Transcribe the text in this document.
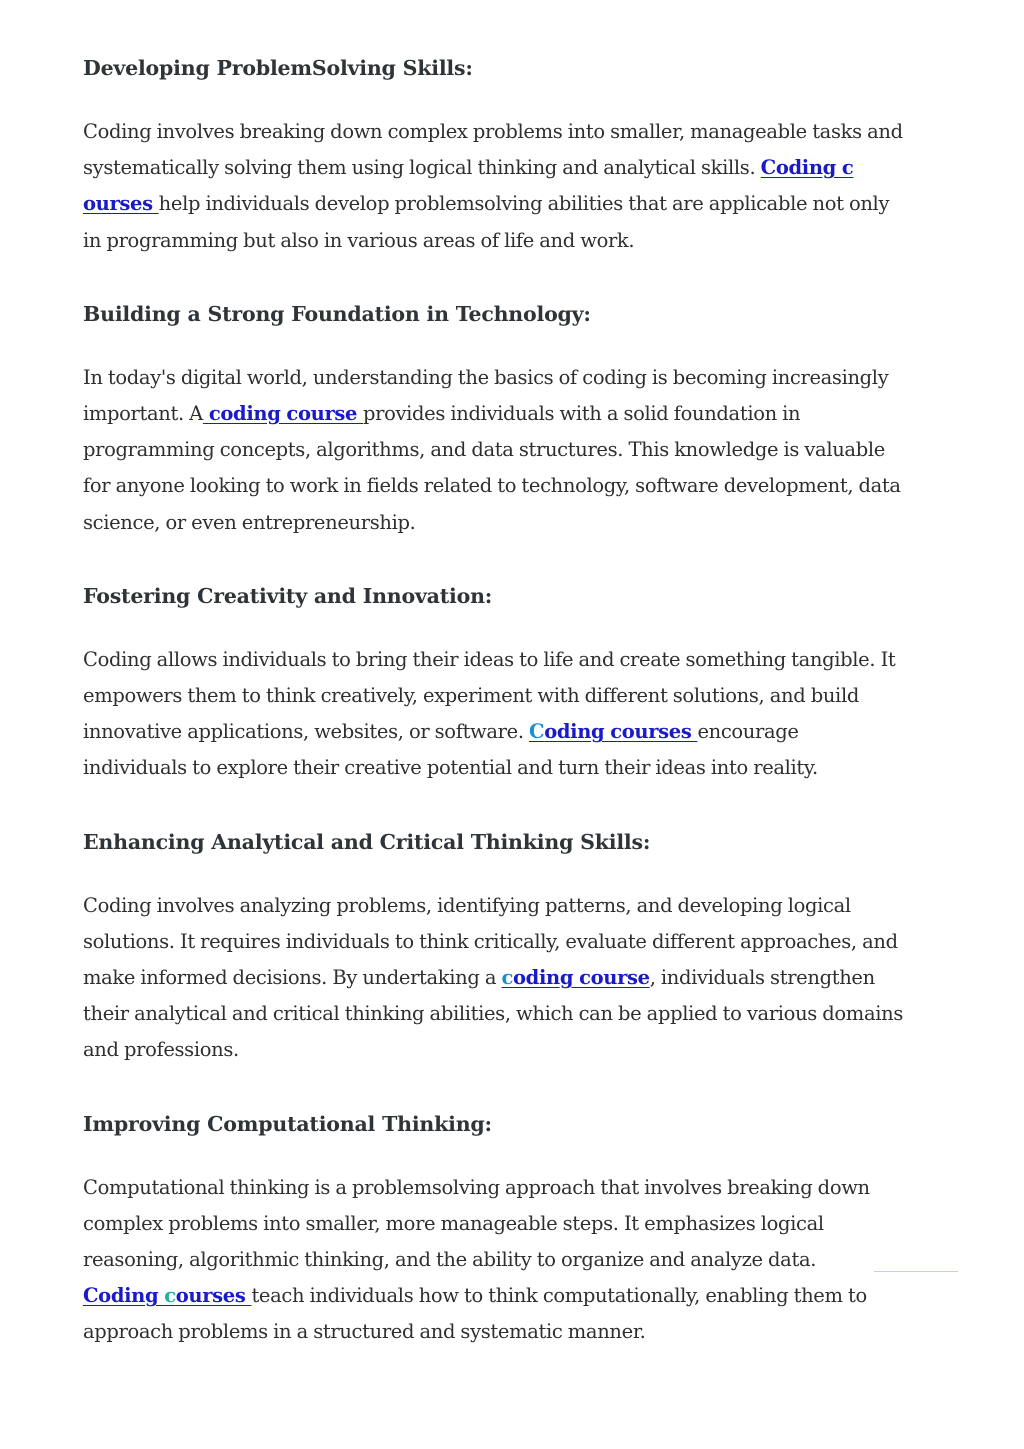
Developing ProblemSolving Skills:
Coding involves breaking down complex problems into smaller, manageable tasks and
systematically solving them using logical thinking and analytical skills. Coding c
ourses help individuals develop problemsolving abilities that are applicable not only
in programming but also in various areas of life and work.
Building a Strong Foundation in Technology:
In today's digital world, understanding the basics of coding is becoming increasingly
important. A coding course provides individuals with a solid foundation in
programming concepts, algorithms, and data structures. This knowledge is valuable
for anyone looking to work in fields related to technology, software development, data
science, or even entrepreneurship.
Fostering Creativity and Innovation:
Coding allows individuals to bring their ideas to life and create something tangible. It
empowers them to think creatively, experiment with different solutions, and build
innovative applications, websites, or software. Coding courses encourage
individuals to explore their creative potential and turn their ideas into reality.
Enhancing Analytical and Critical Thinking Skills:
Coding involves analyzing problems, identifying patterns, and developing logical
solutions. It requires individuals to think critically, evaluate different approaches, and
make informed decisions. By undertaking a coding course, individuals strengthen
their analytical and critical thinking abilities, which can be applied to various domains
and professions.
Improving Computational Thinking:
Computational thinking is a problemsolving approach that involves breaking down
complex problems into smaller, more manageable steps. It emphasizes logical
reasoning, algorithmic thinking, and the ability to organize and analyze data.
Coding courses teach individuals how to think computationally, enabling them to
approach problems in a structured and systematic manner.
